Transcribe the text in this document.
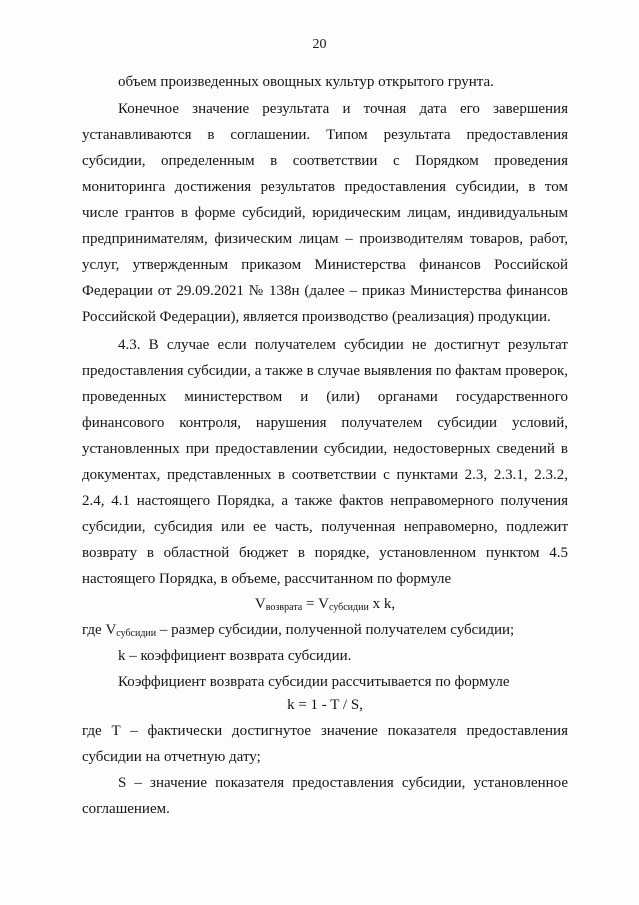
20
объем произведенных овощных культур открытого грунта.
Конечное значение результата и точная дата его завершения
устанавливаются в соглашении. Типом результата предоставления
субсидии, определенным в соответствии с Порядком проведения
мониторинга достижения результатов предоставления субсидии, в том
числе грантов в форме субсидий, юридическим лицам, индивидуальным
предпринимателям, физическим лицам – производителям товаров, работ,
услуг, утвержденным приказом Министерства финансов Российской
Федерации от 29.09.2021 № 138н (далее – приказ Министерства финансов
Российской Федерации), является производство (реализация) продукции.
4.3. В случае если получателем субсидии не достигнут результат
предоставления субсидии, а также в случае выявления по фактам проверок,
проведенных министерством и (или) органами государственного
финансового контроля, нарушения получателем субсидии условий,
установленных при предоставлении субсидии, недостоверных сведений в
документах, представленных в соответствии с пунктами 2.3, 2.3.1, 2.3.2,
2.4, 4.1 настоящего Порядка, а также фактов неправомерного получения
субсидии, субсидия или ее часть, полученная неправомерно, подлежит
возврату в областной бюджет в порядке, установленном пунктом 4.5
настоящего Порядка, в объеме, рассчитанном по формуле
$V_{возврата} = V_{субсидии}$ x k,
где $V_{субсидии}$ – размер субсидии, полученной получателем субсидии;
k – коэффициент возврата субсидии.
Коэффициент возврата субсидии рассчитывается по формуле
k = 1 - T / S,
где T – фактически достигнутое значение показателя предоставления
субсидии на отчетную дату;
S – значение показателя предоставления субсидии, установленное
соглашением.
